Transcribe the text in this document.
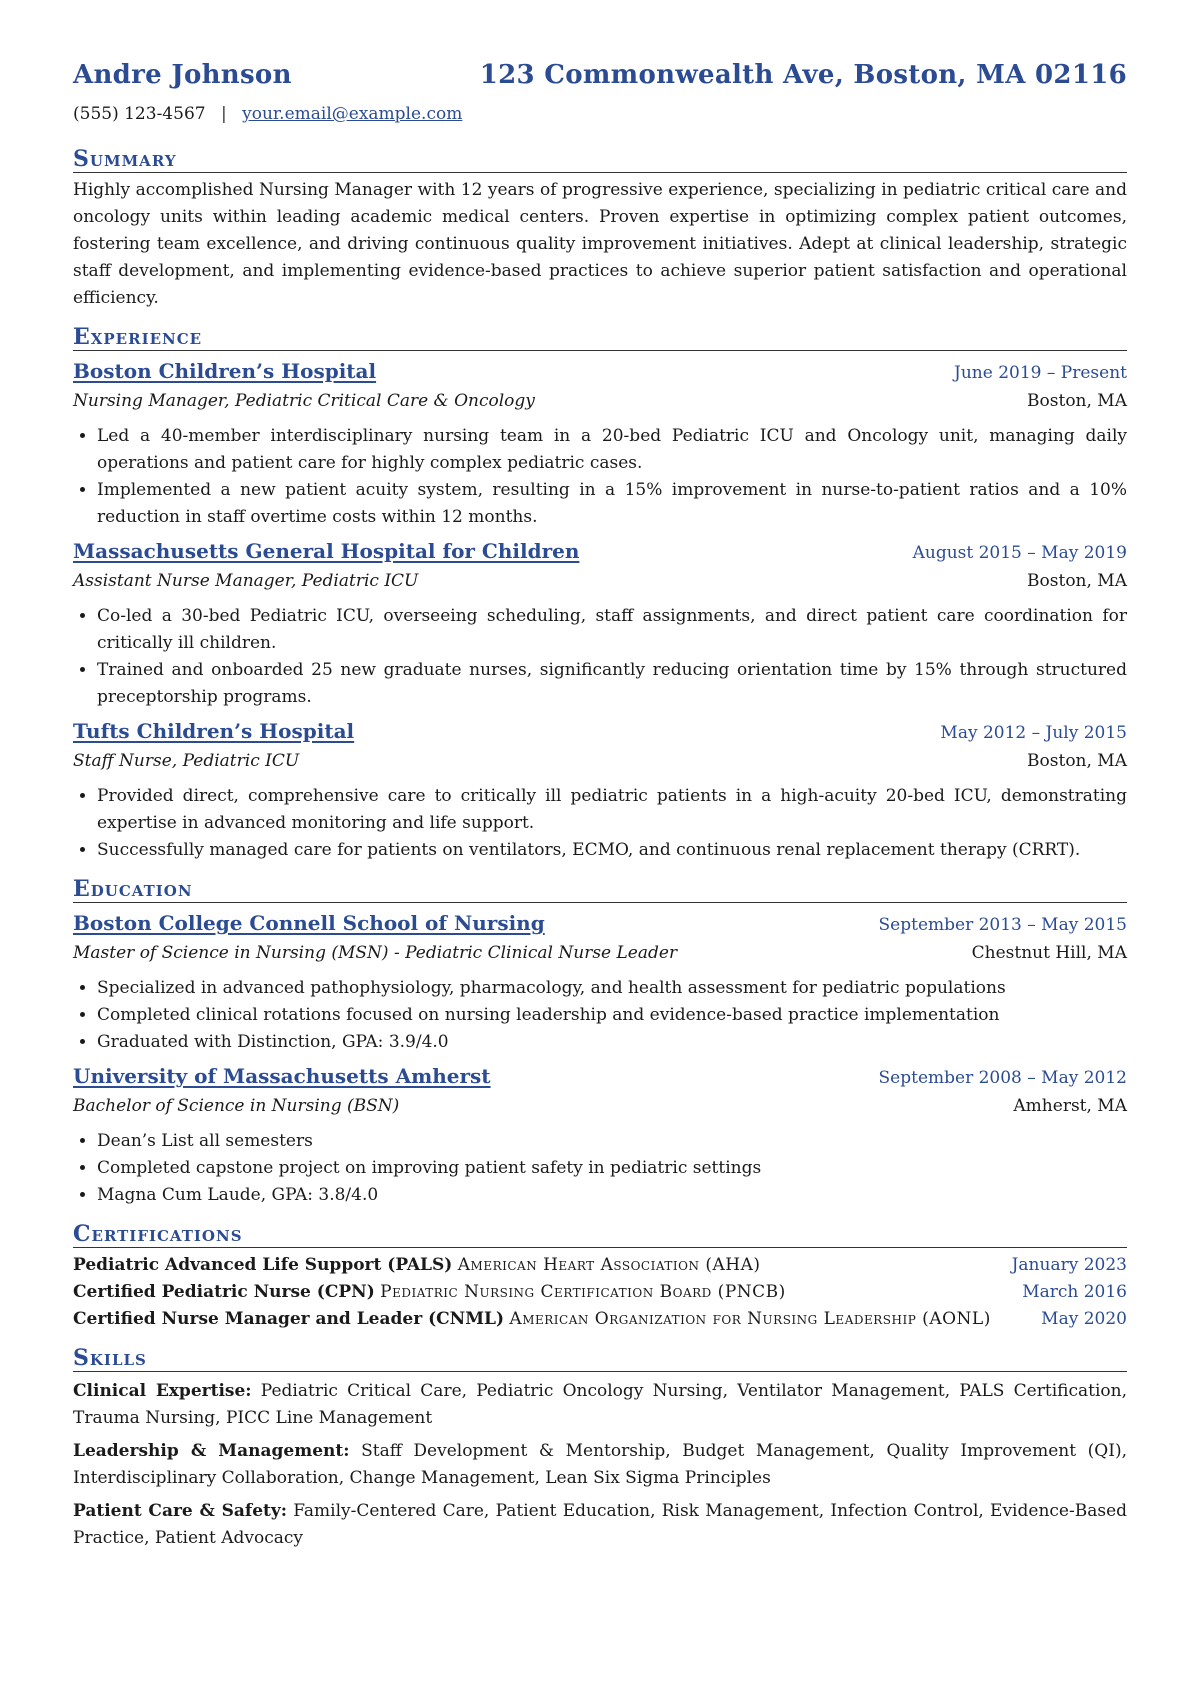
Andre Johnson	123 Commonwealth Ave, Boston, MA 02116
(555) 123-4567 | your.email@example.com
Summary

Highly accomplished Nursing Manager with 12 years of progressive experience, specializing in pediatric critical care and oncology units within leading academic medical centers. Proven expertise in optimizing complex patient outcomes, fostering team excellence, and driving continuous quality improvement initiatives. Adept at clinical leadership, strategic staff development, and implementing evidence-based practices to achieve superior patient satisfaction and operational efficiency.

Experience
Boston Children’s Hospital	June 2019 – Present
Nursing Manager, Pediatric Critical Care & Oncology	Boston, MA
• Led a 40-member interdisciplinary nursing team in a 20-bed Pediatric ICU and Oncology unit, managing daily operations and patient care for highly complex pediatric cases.
• Implemented a new patient acuity system, resulting in a 15% improvement in nurse-to-patient ratios and a 10% reduction in staff overtime costs within 12 months.
Massachusetts General Hospital for Children	August 2015 – May 2019
Assistant Nurse Manager, Pediatric ICU	Boston, MA
• Co-led a 30-bed Pediatric ICU, overseeing scheduling, staff assignments, and direct patient care coordination for critically ill children.
• Trained and onboarded 25 new graduate nurses, significantly reducing orientation time by 15% through structured preceptorship programs.
Tufts Children’s Hospital	May 2012 – July 2015
Staff Nurse, Pediatric ICU	Boston, MA
• Provided direct, comprehensive care to critically ill pediatric patients in a high-acuity 20-bed ICU, demonstrating expertise in advanced monitoring and life support.
• Successfully managed care for patients on ventilators, ECMO, and continuous renal replacement therapy (CRRT).
Education
Boston College Connell School of Nursing	September 2013 – May 2015
Master of Science in Nursing (MSN) - Pediatric Clinical Nurse Leader	Chestnut Hill, MA
• Specialized in advanced pathophysiology, pharmacology, and health assessment for pediatric populations
• Completed clinical rotations focused on nursing leadership and evidence-based practice implementation
• Graduated with Distinction, GPA: 3.9/4.0
University of Massachusetts Amherst	September 2008 – May 2012
Bachelor of Science in Nursing (BSN)	Amherst, MA
• Dean’s List all semesters
• Completed capstone project on improving patient safety in pediatric settings
• Magna Cum Laude, GPA: 3.8/4.0
Certifications
Pediatric Advanced Life Support (PALS) American Heart Association (AHA)	January 2023
Certified Pediatric Nurse (CPN) Pediatric Nursing Certification Board (PNCB)	March 2016
Certified Nurse Manager and Leader (CNML) American Organization for Nursing Leadership (AONL)	May 2020
Skills
Clinical Expertise: Pediatric Critical Care, Pediatric Oncology Nursing, Ventilator Management, PALS Certification, Trauma Nursing, PICC Line Management
Leadership & Management: Staff Development & Mentorship, Budget Management, Quality Improvement (QI), Interdisciplinary Collaboration, Change Management, Lean Six Sigma Principles
Patient Care & Safety: Family-Centered Care, Patient Education, Risk Management, Infection Control, Evidence-Based Practice, Patient Advocacy
